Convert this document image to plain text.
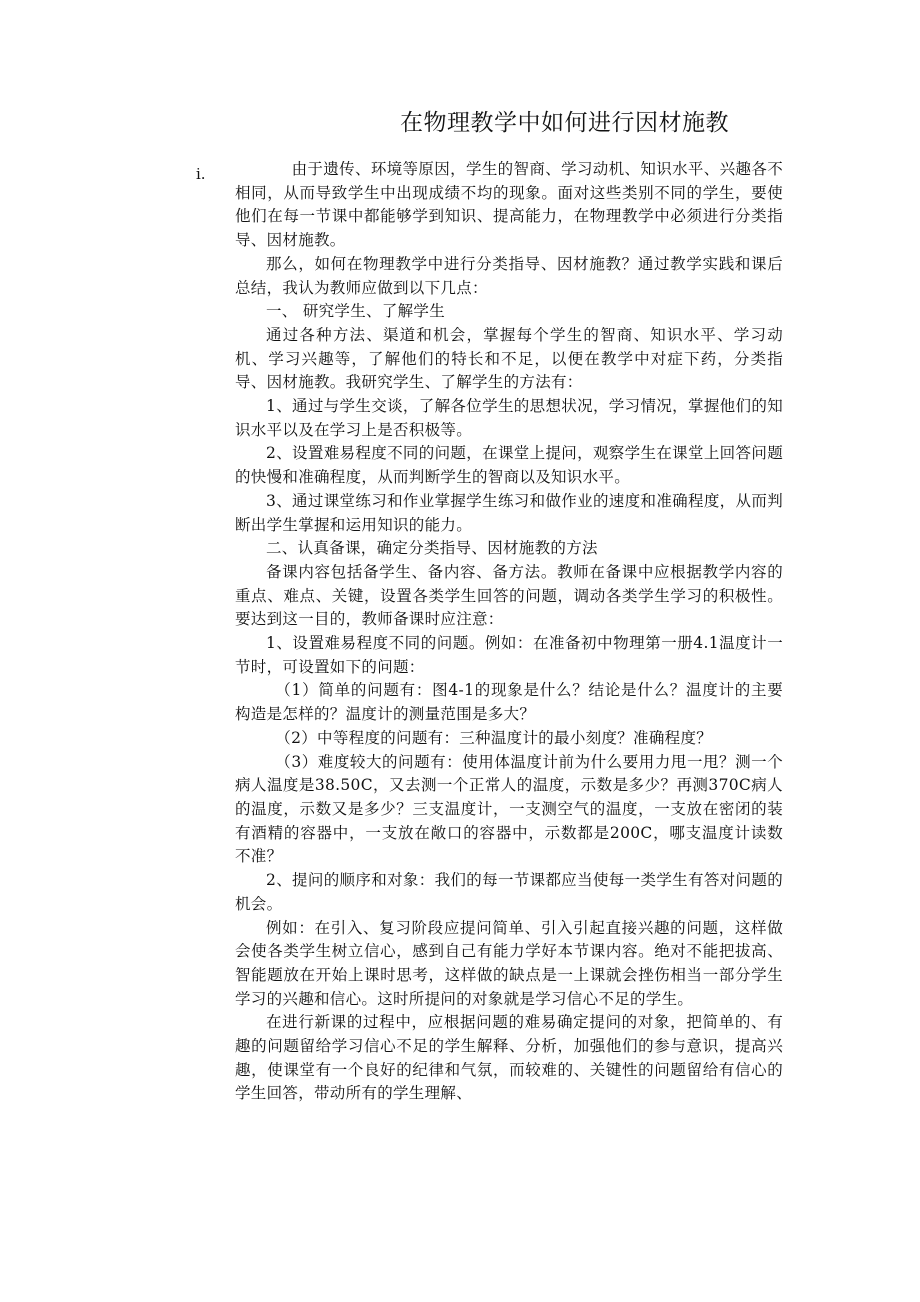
在物理教学中如何进行因材施教
i.	由于遗传、环境等原因，学生的智商、学习动机、知识水平、兴趣各不相同，从而导致学生中出现成绩不均的现象。面对这些类别不同的学生，要使他们在每一节课中都能够学到知识、提高能力，在物理教学中必须进行分类指导、因材施教。

那么，如何在物理教学中进行分类指导、因材施教？通过教学实践和课后总结，我认为教师应做到以下几点：

一、 研究学生、了解学生

通过各种方法、渠道和机会，掌握每个学生的智商、知识水平、学习动机、学习兴趣等，了解他们的特长和不足，以便在教学中对症下药，分类指导、因材施教。我研究学生、了解学生的方法有：

1、通过与学生交谈，了解各位学生的思想状况，学习情况，掌握他们的知识水平以及在学习上是否积极等。

2、设置难易程度不同的问题，在课堂上提问，观察学生在课堂上回答问题的快慢和准确程度，从而判断学生的智商以及知识水平。

3、通过课堂练习和作业掌握学生练习和做作业的速度和准确程度，从而判断出学生掌握和运用知识的能力。

二、认真备课，确定分类指导、因材施教的方法

备课内容包括备学生、备内容、备方法。教师在备课中应根据教学内容的重点、难点、关键，设置各类学生回答的问题，调动各类学生学习的积极性。要达到这一目的，教师备课时应注意：

1、设置难易程度不同的问题。例如：在准备初中物理第一册4.1温度计一节时，可设置如下的问题：

（1）简单的问题有：图4-1的现象是什么？结论是什么？温度计的主要构造是怎样的？温度计的测量范围是多大？

（2）中等程度的问题有：三种温度计的最小刻度？准确程度？

（3）难度较大的问题有：使用体温度计前为什么要用力甩一甩？测一个病人温度是38.50C，又去测一个正常人的温度，示数是多少？再测370C病人的温度，示数又是多少？三支温度计，一支测空气的温度，一支放在密闭的装有酒精的容器中，一支放在敞口的容器中，示数都是200C，哪支温度计读数不准？

2、提问的顺序和对象：我们的每一节课都应当使每一类学生有答对问题的机会。

例如：在引入、复习阶段应提问简单、引入引起直接兴趣的问题，这样做会使各类学生树立信心，感到自己有能力学好本节课内容。绝对不能把拔高、智能题放在开始上课时思考，这样做的缺点是一上课就会挫伤相当一部分学生学习的兴趣和信心。这时所提问的对象就是学习信心不足的学生。

在进行新课的过程中，应根据问题的难易确定提问的对象，把简单的、有趣的问题留给学习信心不足的学生解释、分析，加强他们的参与意识，提高兴趣，使课堂有一个良好的纪律和气氛，而较难的、关键性的问题留给有信心的学生回答，带动所有的学生理解、
